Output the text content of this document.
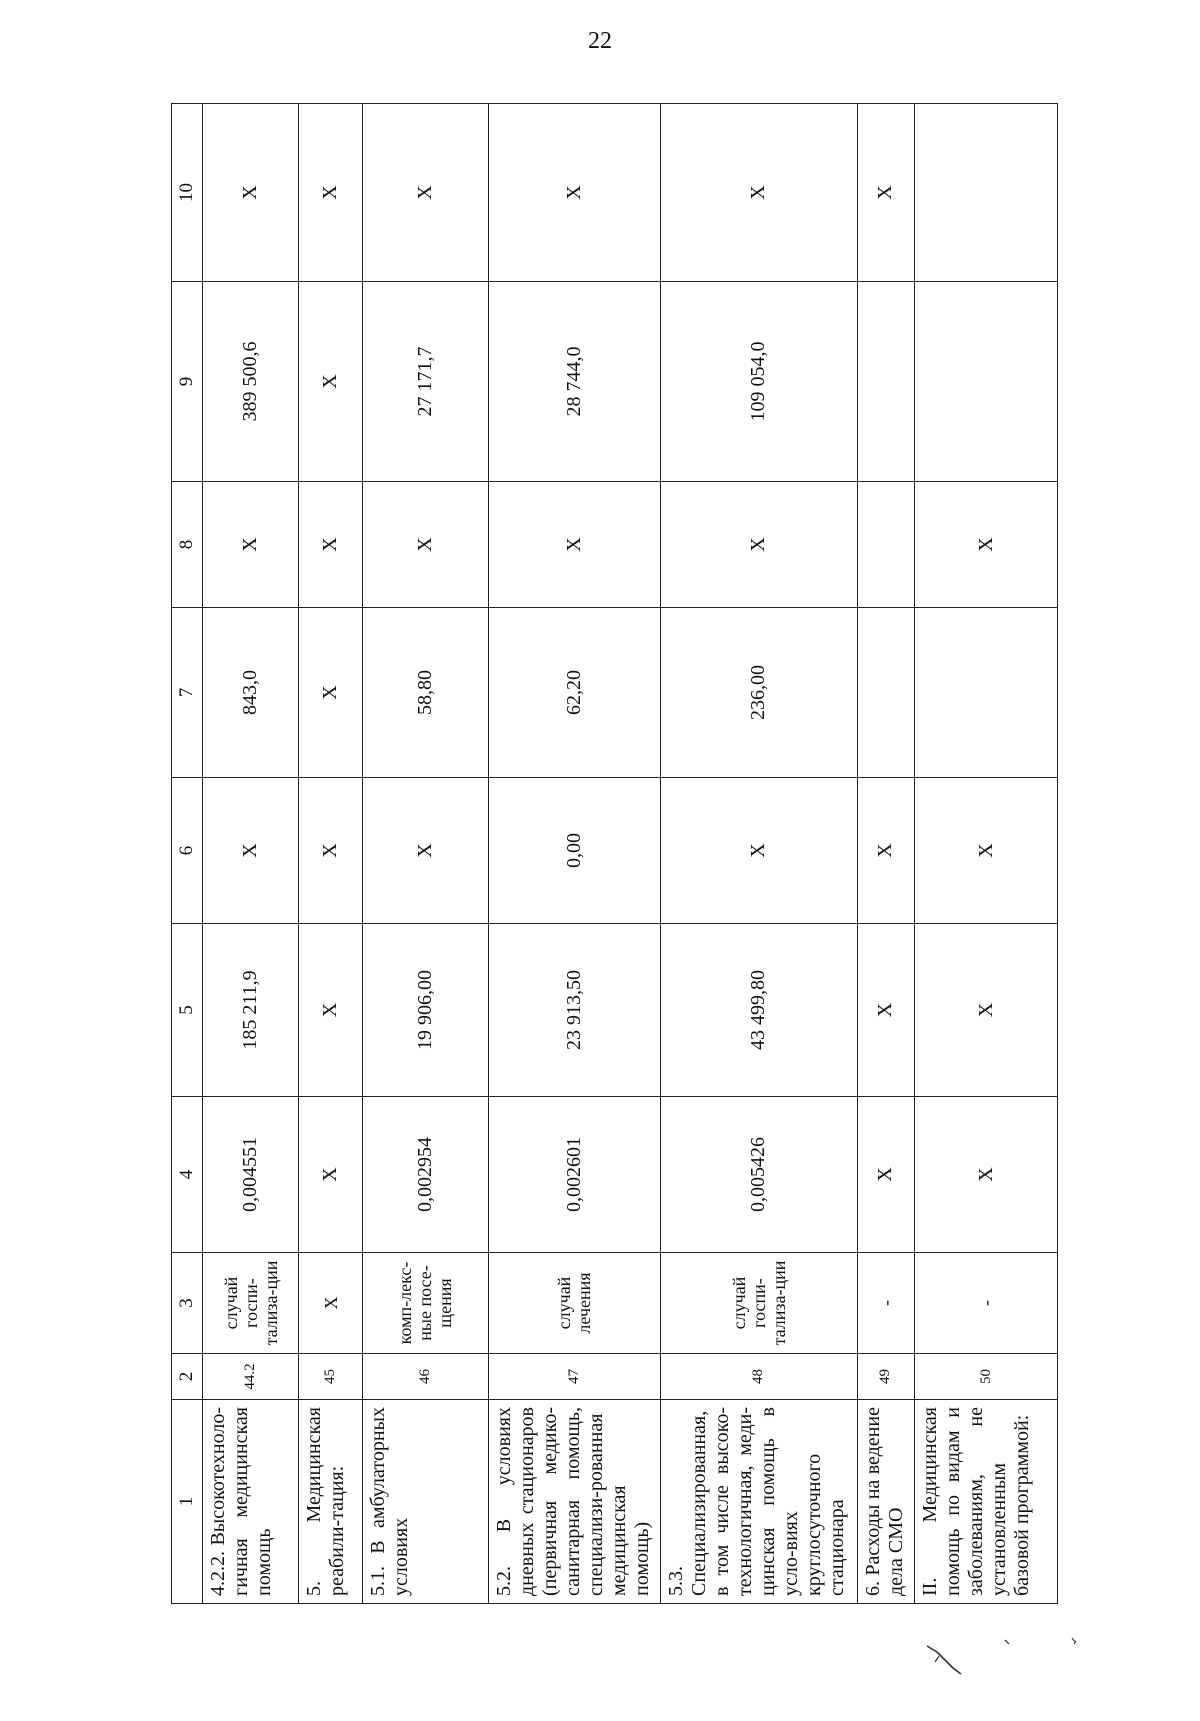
22
1	2	3	4	5	6	7	8	9	10
4.2.2. Высокотехноло-гичная медицинская помощь	44.2	случай госпи-тализа-ции	0,004551	185 211,9	Х	843,0	Х	389 500,6	Х
5. Медицинская реабили-тация:	45	Х	Х	Х	Х	Х	Х	Х	Х
5.1. В амбулаторных условиях	46	комп-лекс-ные посе-щения	0,002954	19 906,00	Х	58,80	Х	27 171,7	Х
5.2. В условиях дневных стационаров (первичная медико-санитарная помощь, специализи-рованная медицинская помощь)	47	случай лечения	0,002601	23 913,50	0,00	62,20	Х	28 744,0	Х
5.3. Специализированная, в том числе высоко-технологичная, меди-цинская помощь в усло-виях круглосуточного стационара	48	случай госпи-тализа-ции	0,005426	43 499,80	Х	236,00	Х	109 054,0	Х
6. Расходы на ведение дела СМО	49	-	Х	Х	Х				Х
II. Медицинская помощь по видам и заболеваниям, не установленным базовой программой:	50	-	Х	Х	Х		Х		
